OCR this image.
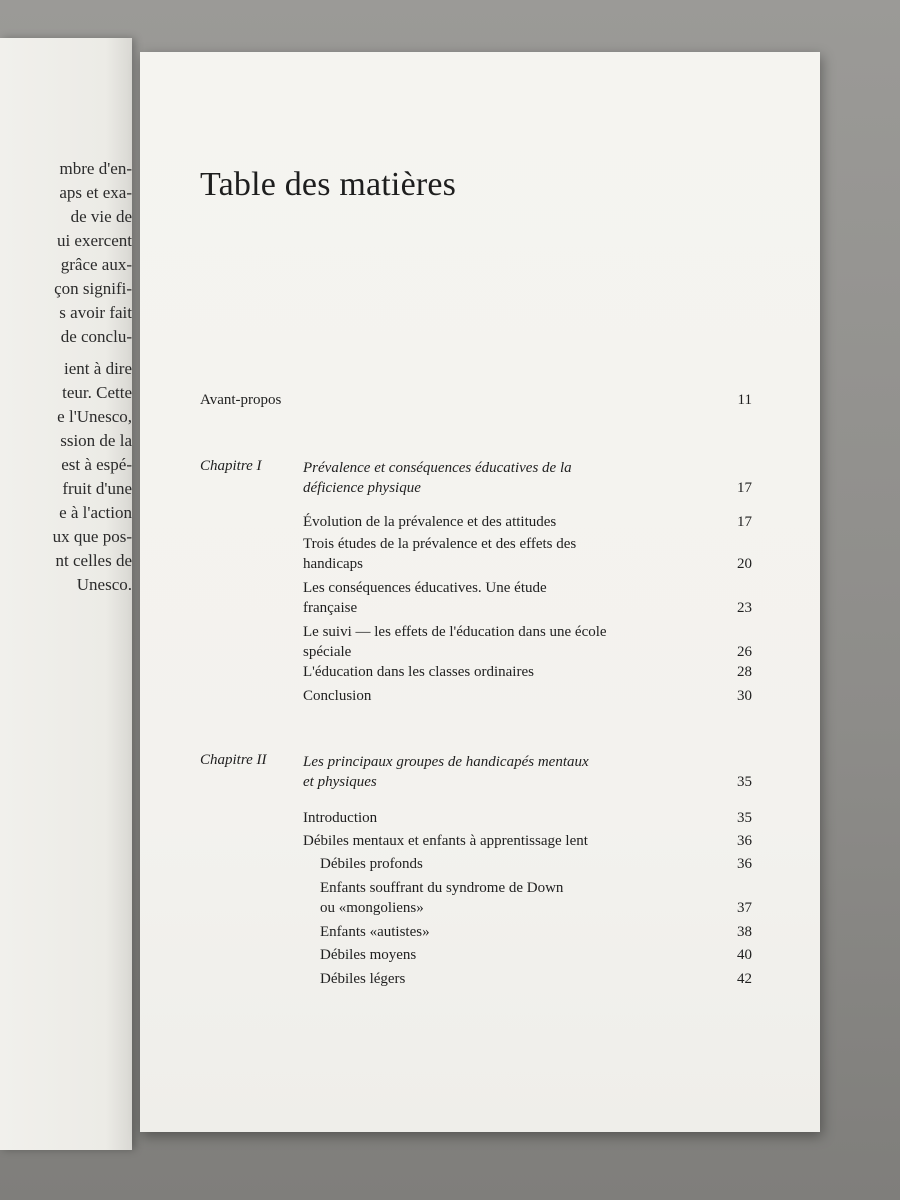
mbre d'en-
aps et exa-
de vie de
ui exercent
grâce aux-
çon signifi-
s avoir fait
de conclu-
ient à dire
teur. Cette
e l'Unesco,
ssion de la
est à espé-
fruit d'une
e à l'action
ux que pos-
nt celles de
Unesco.
Table des matières
Avant-propos	11
Chapitre I	Prévalence et conséquences éducatives de la
déficience physique	17
Évolution de la prévalence et des attitudes	17
Trois études de la prévalence et des effets des
handicaps	20
Les conséquences éducatives. Une étude
française	23
Le suivi — les effets de l'éducation dans une école
spéciale	26
L'éducation dans les classes ordinaires	28
Conclusion	30
Chapitre II Les principaux groupes de handicapés mentaux
et physiques	35
Introduction	35
Débiles mentaux et enfants à apprentissage lent	36
Débiles profonds	36
Enfants souffrant du syndrome de Down
ou «mongoliens»	37
Enfants «autistes»	38
Débiles moyens	40
Débiles légers	42
